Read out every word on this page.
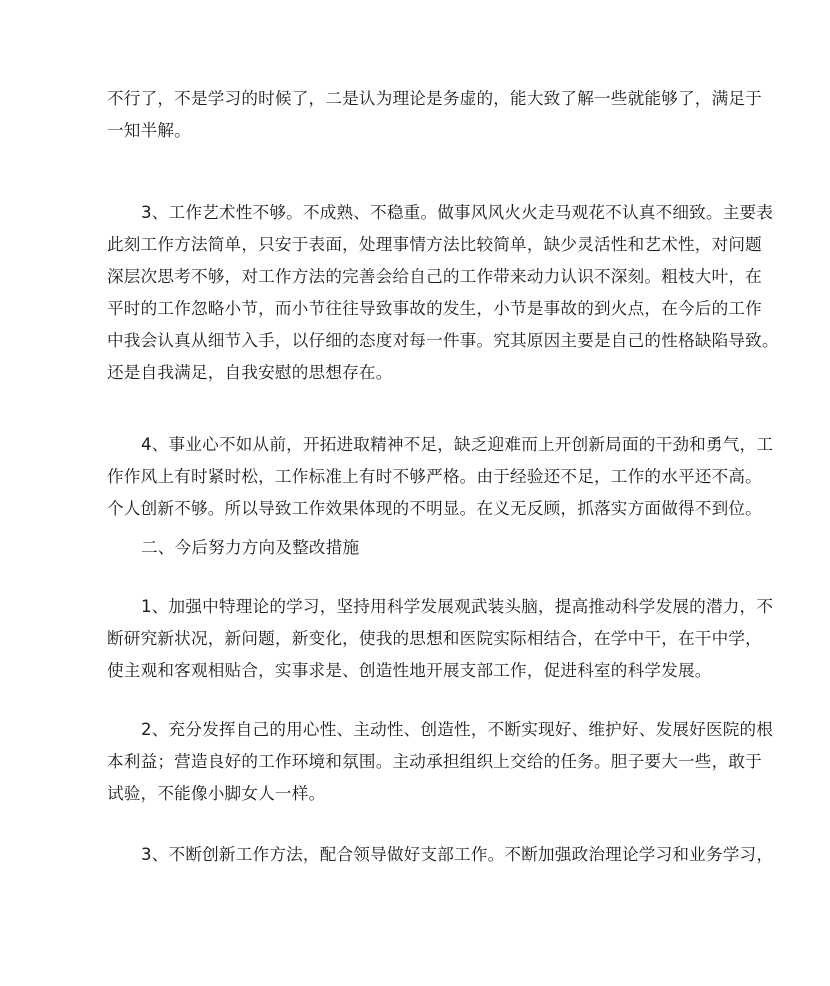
不行了，不是学习的时候了，二是认为理论是务虚的，能大致了解一些就能够了，满足于
一知半解。
3、工作艺术性不够。不成熟、不稳重。做事风风火火走马观花不认真不细致。主要表
此刻工作方法简单，只安于表面，处理事情方法比较简单，缺少灵活性和艺术性，对问题
深层次思考不够，对工作方法的完善会给自己的工作带来动力认识不深刻。粗枝大叶，在
平时的工作忽略小节，而小节往往导致事故的发生，小节是事故的到火点，在今后的工作
中我会认真从细节入手，以仔细的态度对每一件事。究其原因主要是自己的性格缺陷导致。
还是自我满足，自我安慰的思想存在。
4、事业心不如从前，开拓进取精神不足，缺乏迎难而上开创新局面的干劲和勇气，工
作作风上有时紧时松，工作标准上有时不够严格。由于经验还不足，工作的水平还不高。
个人创新不够。所以导致工作效果体现的不明显。在义无反顾，抓落实方面做得不到位。
二、今后努力方向及整改措施
1、加强中特理论的学习，坚持用科学发展观武装头脑，提高推动科学发展的潜力，不
断研究新状况，新问题，新变化，使我的思想和医院实际相结合，在学中干，在干中学，
使主观和客观相贴合，实事求是、创造性地开展支部工作，促进科室的科学发展。
2、充分发挥自己的用心性、主动性、创造性，不断实现好、维护好、发展好医院的根
本利益；营造良好的工作环境和氛围。主动承担组织上交给的任务。胆子要大一些，敢于
试验，不能像小脚女人一样。
3、不断创新工作方法，配合领导做好支部工作。不断加强政治理论学习和业务学习，
